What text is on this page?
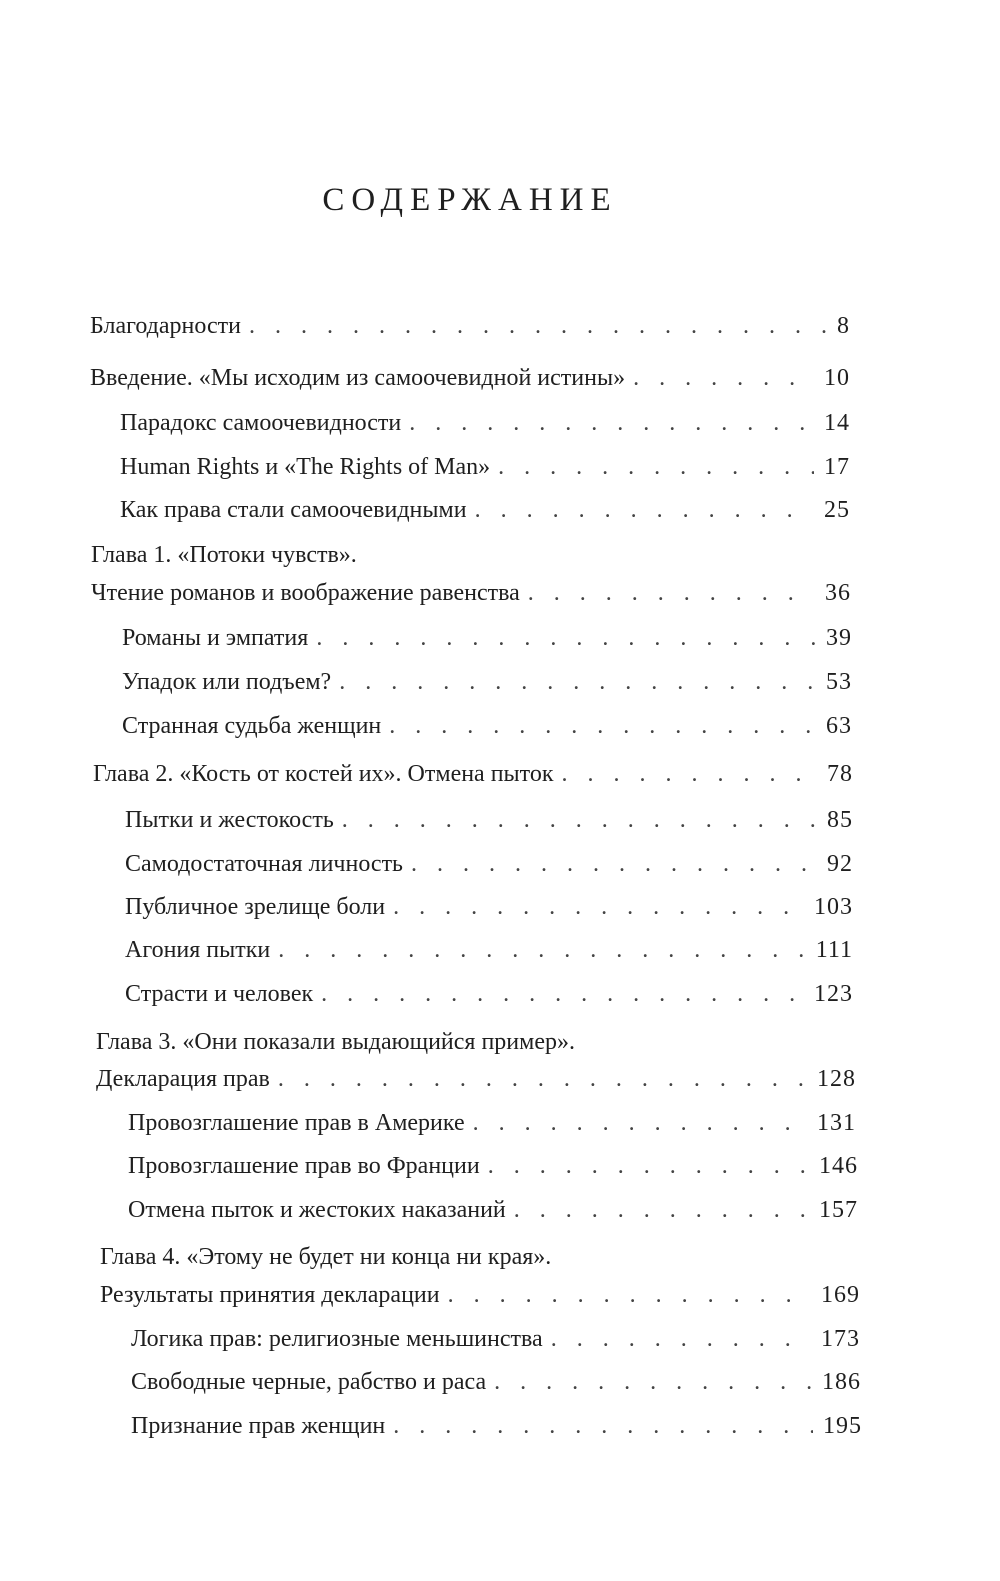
СОДЕРЖАНИЕ
Благодарности . . .	8
Введение. «Мы исходим из самоочевидной истины» . . .	10
Парадокс самоочевидности . . .	14
Human Rights и «The Rights of Man» . . .	17
Как права стали самоочевидными . . .	25
Глава 1. «Потоки чувств».
Чтение романов и воображение равенства . . .	36
Романы и эмпатия . . .	39
Упадок или подъем? . . .	53
Странная судьба женщин . . .	63
Глава 2. «Кость от костей их». Отмена пыток . . .	78
Пытки и жестокость . . .	85
Самодостаточная личность . . .	92
Публичное зрелище боли . . .	103
Агония пытки . . .	111
Страсти и человек . . .	123
Глава 3. «Они показали выдающийся пример».
Декларация прав . . .	128
Провозглашение прав в Америке . . .	131
Провозглашение прав во Франции . . .	146
Отмена пыток и жестоких наказаний . . .	157
Глава 4. «Этому не будет ни конца ни края».
Результаты принятия декларации . . .	169
Логика прав: религиозные меньшинства . . .	173
Свободные черные, рабство и раса . . .	186
Признание прав женщин . . .	195
